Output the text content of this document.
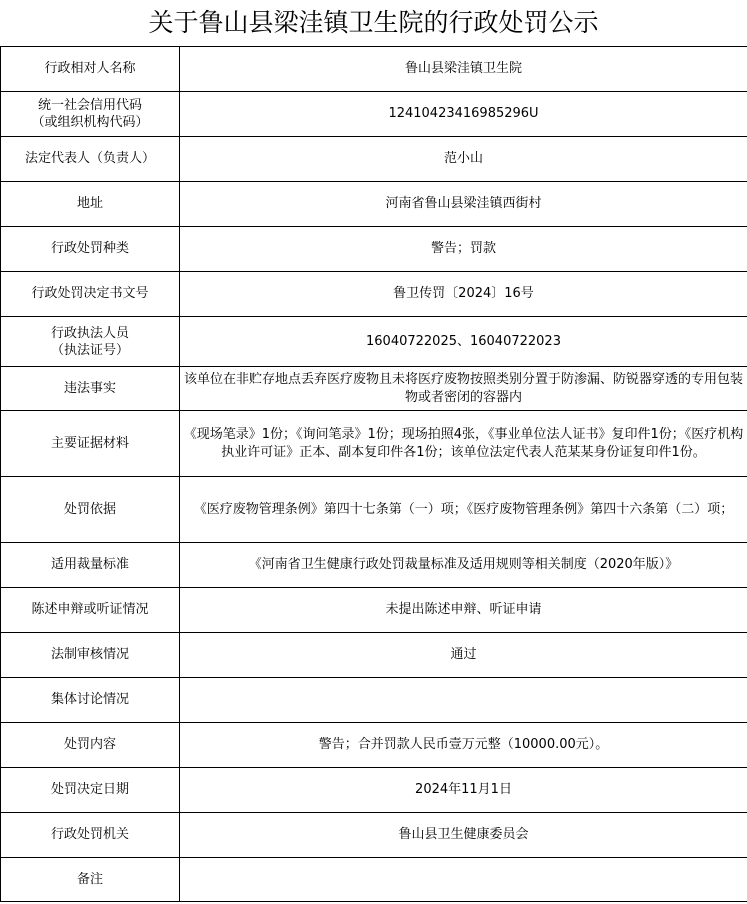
关于鲁山县梁洼镇卫生院的行政处罚公示
行政相对人名称	鲁山县梁洼镇卫生院
统一社会信用代码
（或组织机构代码）	12410423416985296U
法定代表人（负责人）	范小山
地址	河南省鲁山县梁洼镇西街村
行政处罚种类	警告；罚款
行政处罚决定书文号	鲁卫传罚〔2024〕16号
行政执法人员
（执法证号）	16040722025、16040722023
违法事实	该单位在非贮存地点丢弃医疗废物且未将医疗废物按照类别分置于防渗漏、防锐器穿透的专用包装物或者密闭的容器内
主要证据材料	《现场笔录》1份；《询问笔录》1份；现场拍照4张，《事业单位法人证书》复印件1份；《医疗机构执业许可证》正本、副本复印件各1份；该单位法定代表人范某某身份证复印件1份。
处罚依据	《医疗废物管理条例》第四十七条第（一）项；《医疗废物管理条例》第四十六条第（二）项；
适用裁量标准	《河南省卫生健康行政处罚裁量标准及适用规则等相关制度（2020年版）》
陈述申辩或听证情况	未提出陈述申辩、听证申请
法制审核情况	通过
集体讨论情况	
处罚内容	警告；合并罚款人民币壹万元整（10000.00元）。
处罚决定日期	2024年11月1日
行政处罚机关	鲁山县卫生健康委员会
备注	
